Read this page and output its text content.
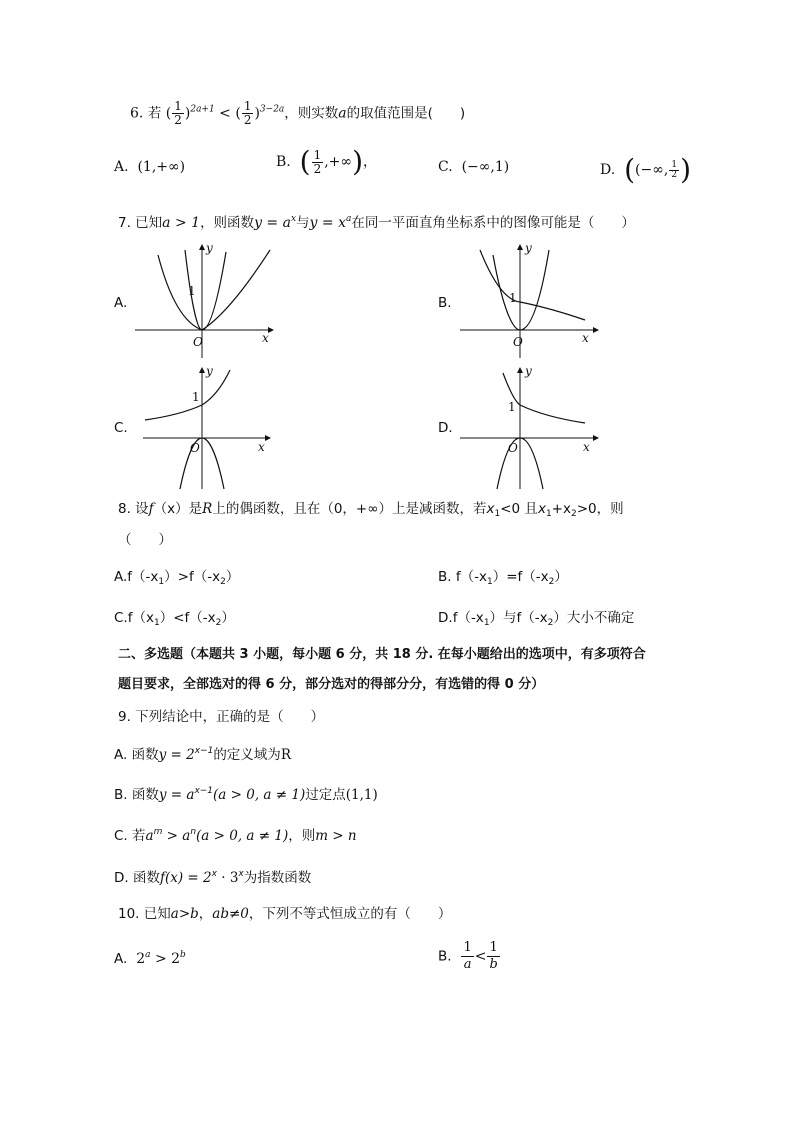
6. 若 ( $\frac{1}{2} )^{2a+1}$ < ( $\frac{1}{2} )^{3-2a}$，则实数a的取值范围是(　　)
A. (1,+∞)	B. ( $\frac{1}{2}$ ,+∞)，	C. (−∞,1)	D. ((−∞, $\frac{1}{2}$ )
7. 已知a > 1，则函数$y = a^x$与$y = x^a$在同一平面直角坐标系中的图像可能是（　　）
A.	B.
C.	D.
1
O	x
y
1
O	x
y
1
O	x
y
1
O	x
y
8. 设f（x）是R上的偶函数，且在（0，+∞）上是减函数，若$x_1<0$ 且$x_1+x_2>0$，则
（　　）
$A.f(-x_1)>f(-x_2)$	B. $f(-x_1)=f(-x_2)$
$C.f(x_1)<f(-x_2)$	$D.f(-x_1)$与$f(-x_2)$大小不确定
二、多选题（本题共 3 小题，每小题 6 分，共 18 分. 在每小题给出的选项中，有多项符合
题目要求，全部选对的得 6 分，部分选对的得部分分，有选错的得 0 分）
9. 下列结论中，正确的是（　　）
A. 函数$y = 2^{x-1}$的定义域为R
B. 函数$y = a^{x-1}(a > 0$, a ≠ 1)过定点(1,1)
C. 若$a^m > a^n(a > 0$, a ≠ 1)，则m > n
D. 函数$f(x) = 2^x \cdot 3^x$为指数函数
10. 已知a>b，ab≠0，下列不等式恒成立的有（　　）
A. $2^a > 2^b$	B. $\frac{1}{a} < \frac{1}{b}$
